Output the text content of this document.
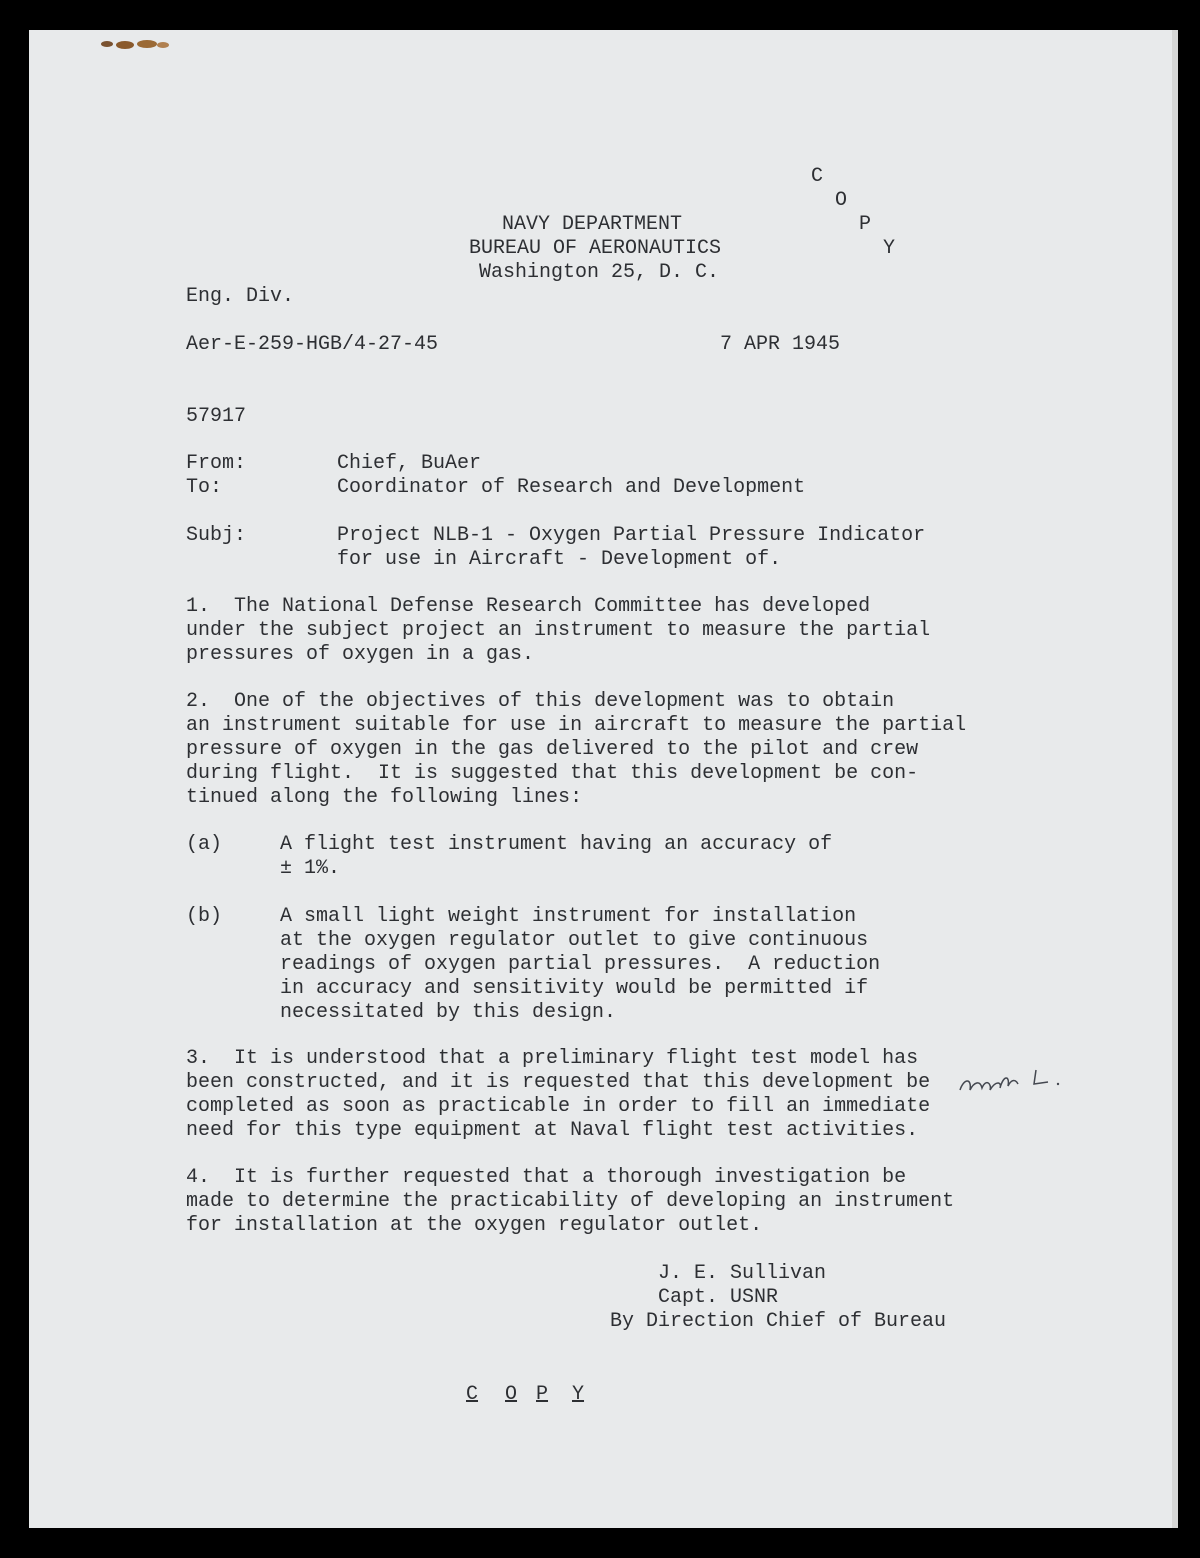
C
O
P
Y
NAVY DEPARTMENT
BUREAU OF AERONAUTICS
Washington 25, D. C.
Eng. Div.
Aer-E-259-HGB/4-27-45	7 APR 1945
57917
From:	Chief, BuAer
To:	Coordinator of Research and Development
Subj:	Project NLB-1 - Oxygen Partial Pressure Indicator
for use in Aircraft - Development of.
1.  The National Defense Research Committee has developed
under the subject project an instrument to measure the partial
pressures of oxygen in a gas.
2.  One of the objectives of this development was to obtain
an instrument suitable for use in aircraft to measure the partial
pressure of oxygen in the gas delivered to the pilot and crew
during flight.  It is suggested that this development be con-
tinued along the following lines:
(a)	A flight test instrument having an accuracy of
± 1%.
(b)	A small light weight instrument for installation
at the oxygen regulator outlet to give continuous
readings of oxygen partial pressures.  A reduction
in accuracy and sensitivity would be permitted if
necessitated by this design.
3.  It is understood that a preliminary flight test model has
been constructed, and it is requested that this development be
completed as soon as practicable in order to fill an immediate
need for this type equipment at Naval flight test activities.
4.  It is further requested that a thorough investigation be
made to determine the practicability of developing an instrument
for installation at the oxygen regulator outlet.
J. E. Sullivan
Capt. USNR
By Direction Chief of Bureau
C O P Y
